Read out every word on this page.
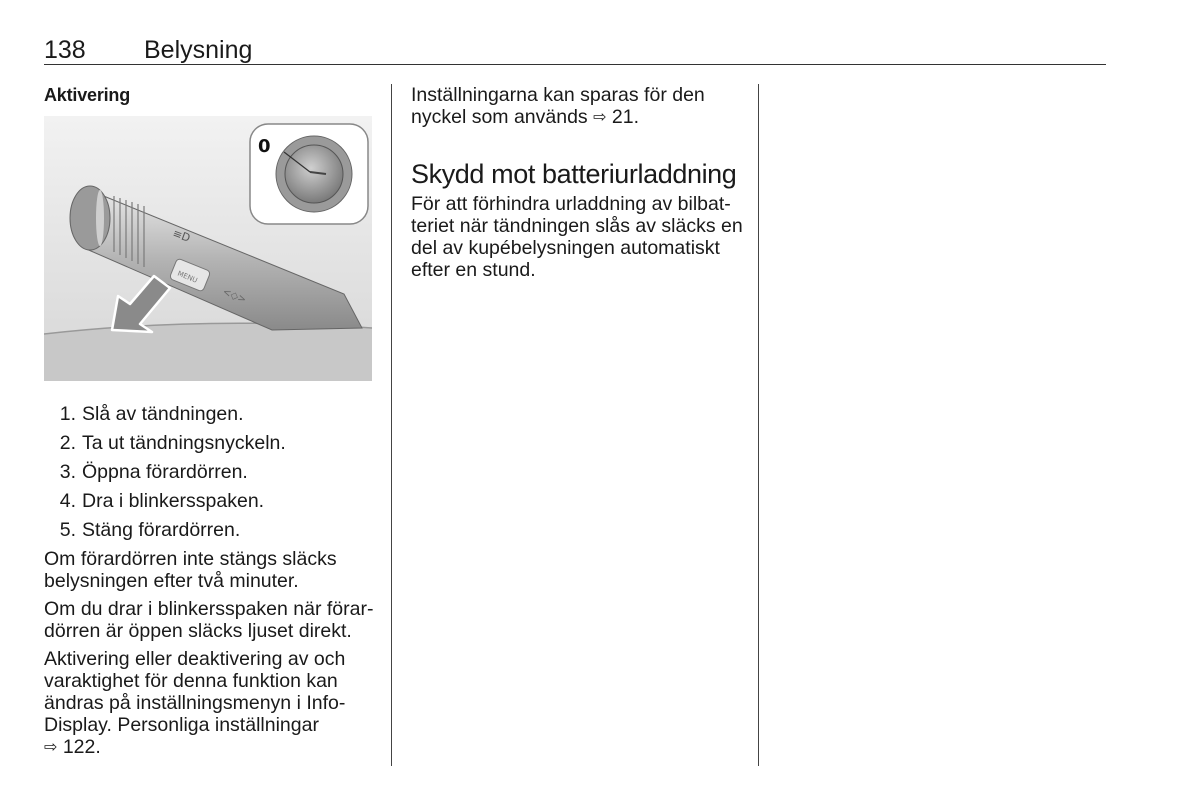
138 Belysning
Aktivering
≡D
MENU
<◇>
0
1. Slå av tändningen.
2. Ta ut tändningsnyckeln.
3. Öppna förardörren.
4. Dra i blinkersspaken.
5. Stäng förardörren.

Om förardörren inte stängs släcks belysningen efter två minuter.

Om du drar i blinkersspaken när förardörren är öppen släcks ljuset direkt.

Aktivering eller deaktivering av och varaktighet för denna funktion kan ändras på inställningsmenyn i Info-Display. Personliga inställningar
⇨ 122.

Inställningarna kan sparas för den nyckel som används ⇨ 21.

Skydd mot batteriurladdning

För att förhindra urladdning av bilbatteriet när tändningen slås av släcks en del av kupébelysningen automatiskt efter en stund.
